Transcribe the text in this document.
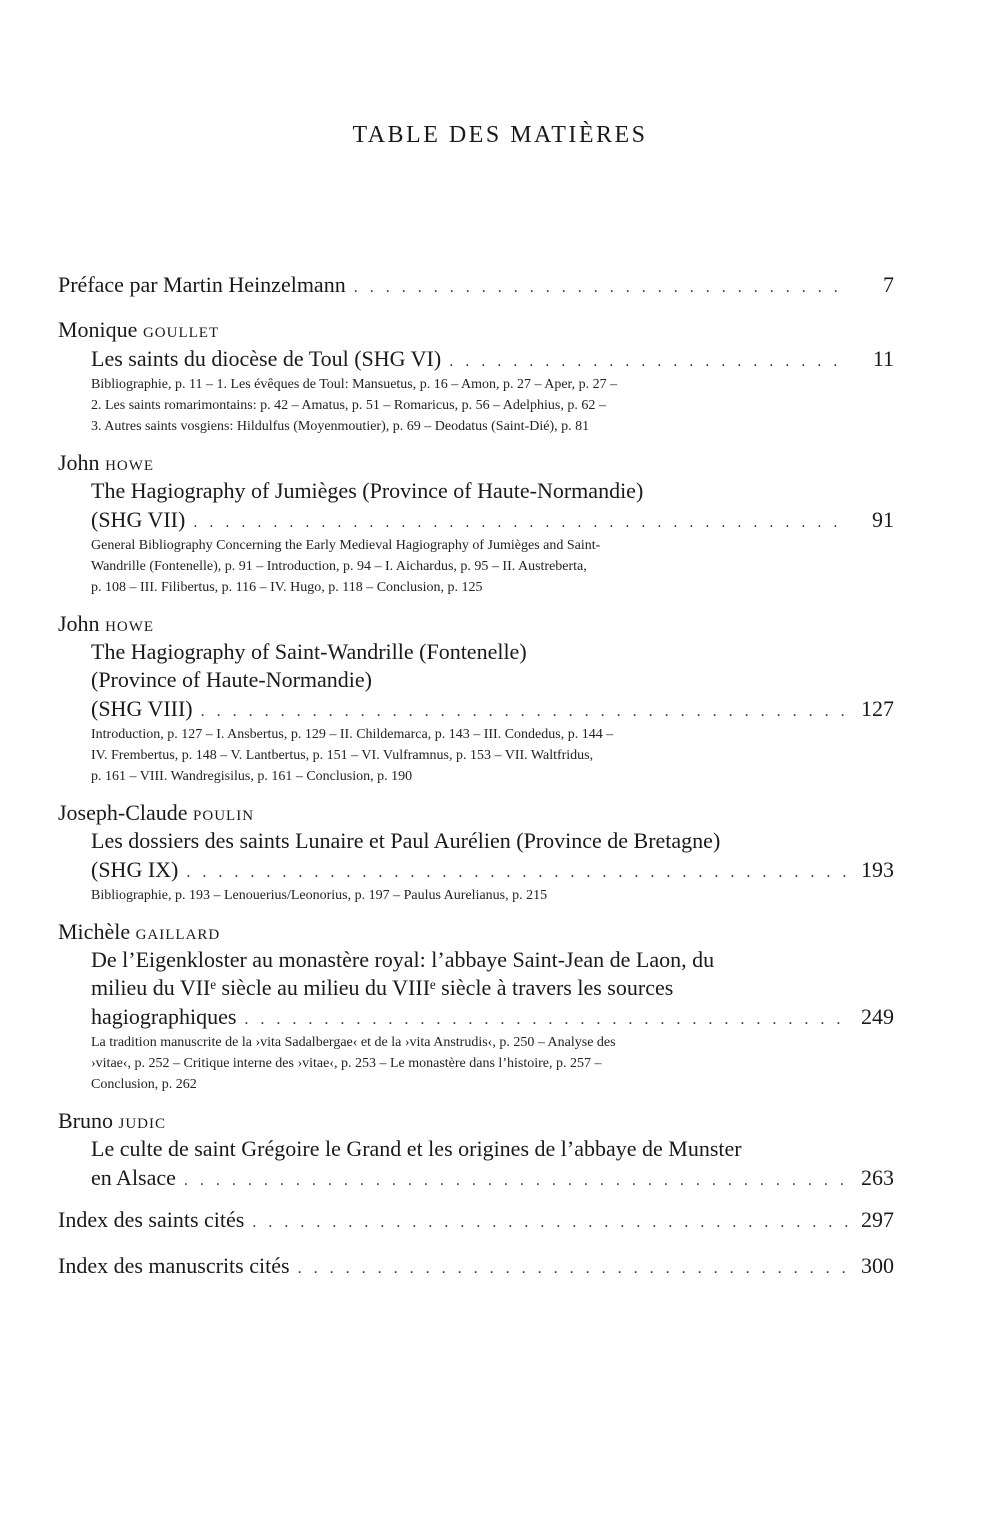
TABLE DES MATIÈRES
Préface par Martin Heinzelmann . . .	7
Monique GOULLET
Les saints du diocèse de Toul (SHG VI) . . .	11
Bibliographie, p. 11 – 1. Les évêques de Toul: Mansuetus, p. 16 – Amon, p. 27 – Aper, p. 27 –
2. Les saints romarimontains: p. 42 – Amatus, p. 51 – Romaricus, p. 56 – Adelphius, p. 62 –
3. Autres saints vosgiens: Hildulfus (Moyenmoutier), p. 69 – Deodatus (Saint-Dié), p. 81
John HOWE
The Hagiography of Jumièges (Province of Haute-Normandie)
(SHG VII) . . .	91
General Bibliography Concerning the Early Medieval Hagiography of Jumièges and Saint-
Wandrille (Fontenelle), p. 91 – Introduction, p. 94 – I. Aichardus, p. 95 – II. Austreberta,
p. 108 – III. Filibertus, p. 116 – IV. Hugo, p. 118 – Conclusion, p. 125
John HOWE
The Hagiography of Saint-Wandrille (Fontenelle)
(Province of Haute-Normandie)
(SHG VIII) . . .	127
Introduction, p. 127 – I. Ansbertus, p. 129 – II. Childemarca, p. 143 – III. Condedus, p. 144 –
IV. Frembertus, p. 148 – V. Lantbertus, p. 151 – VI. Vulframnus, p. 153 – VII. Waltfridus,
p. 161 – VIII. Wandregisilus, p. 161 – Conclusion, p. 190
Joseph-Claude POULIN
Les dossiers des saints Lunaire et Paul Aurélien (Province de Bretagne)
(SHG IX) . . .	193
Bibliographie, p. 193 – Lenouerius/Leonorius, p. 197 – Paulus Aurelianus, p. 215
Michèle GAILLARD
De l’Eigenkloster au monastère royal: l’abbaye Saint-Jean de Laon, du
milieu du VIIᵉ siècle au milieu du VIIIᵉ siècle à travers les sources
hagiographiques . . .	249
La tradition manuscrite de la ›vita Sadalbergae‹ et de la ›vita Anstrudis‹, p. 250 – Analyse des
›vitae‹, p. 252 – Critique interne des ›vitae‹, p. 253 – Le monastère dans l’histoire, p. 257 –
Conclusion, p. 262
Bruno JUDIC
Le culte de saint Grégoire le Grand et les origines de l’abbaye de Munster
en Alsace . . .	263
Index des saints cités . . .	297
Index des manuscrits cités . . .	300
